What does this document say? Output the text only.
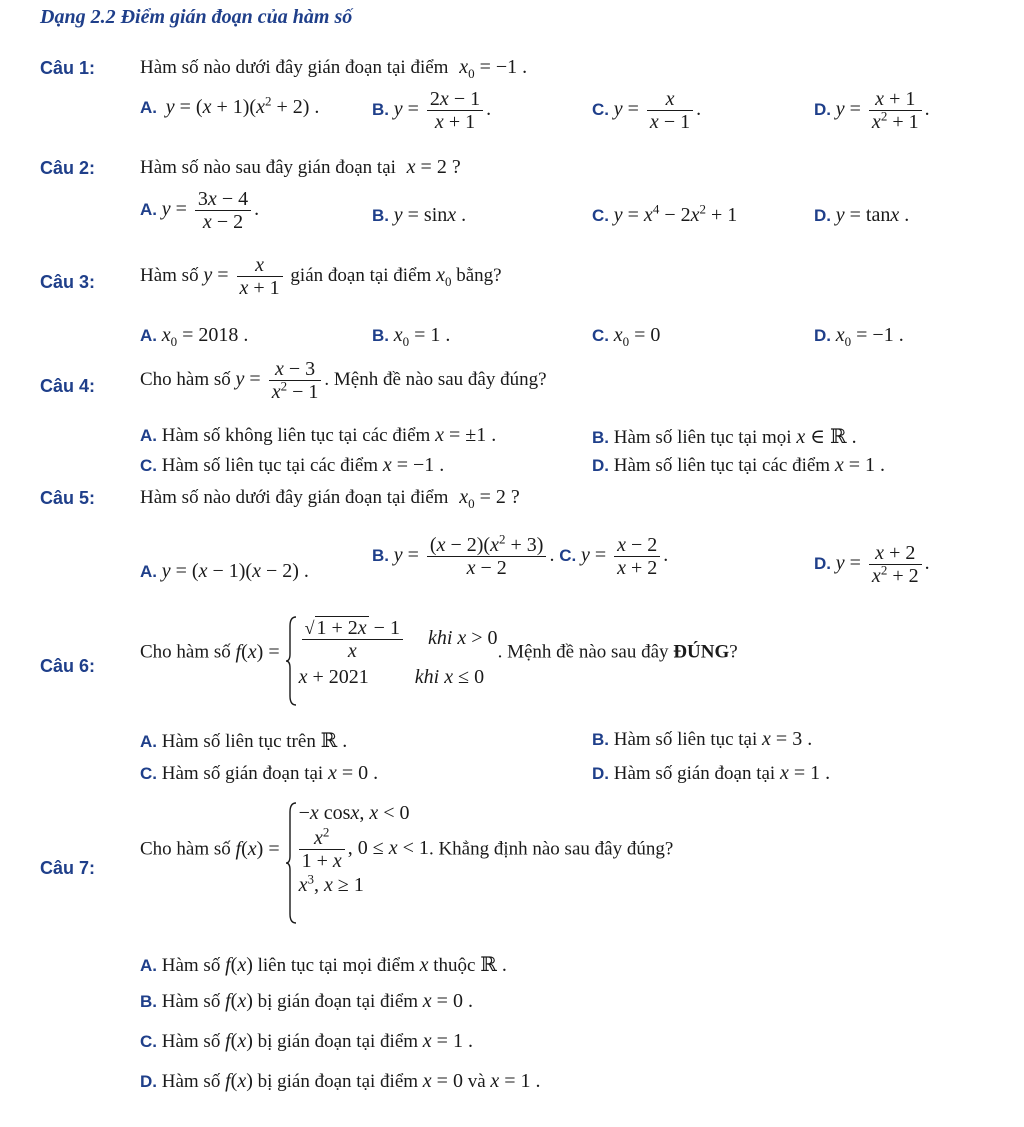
Dạng 2.2 Điểm gián đoạn của hàm số
Câu 1: Hàm số nào dưới đây gián đoạn tại điểm $x_0 = -1$ .
A. $y = (x + 1)(x^2 + 2)$ .	B. $y = \frac{2x - 1}{x + 1}$ .	C. $y = \frac{x}{x - 1}$ .	D. $y = \frac{x + 1}{x^2 + 1}$ .
Câu 2: Hàm số nào sau đây gián đoạn tại x = 2 ?
A. $y = \frac{3x - 4}{x - 2}$ .	B. y = sinx .	C. $y = x^4 - 2x^2 + 1$	D. y = tanx .
Câu 3: Hàm số $y = \frac{x}{x + 1}$ gián đoạn tại điểm $x_0$ bằng?
A. $x_0 = 2018$ .	B. $x_0 = 1$ .	C. $x_0 = 0$	D. $x_0 = -1$ .
Câu 4: Cho hàm số $y = \frac{x - 3}{x^2 - 1}$ . Mệnh đề nào sau đây đúng?
A. Hàm số không liên tục tại các điểm x = ±1 .	B. Hàm số liên tục tại mọi x ∈ ℝ .
C. Hàm số liên tục tại các điểm x = −1 .	D. Hàm số liên tục tại các điểm x = 1 .
Câu 5: Hàm số nào dưới đây gián đoạn tại điểm $x_0 = 2$ ?
A. y = (x − 1)(x − 2) .
B. $y = \frac{(x - 2)(x^2 + 3)}{x - 2}$ . C. $y = \frac{x - 2}{x + 2}$ .	D. $y = \frac{x + 2}{x^2 + 2}$ .
Câu 6:
Cho hàm số $f(x) = \frac{√ 1 + 2x - 1}{x}$ khi x > 0
x + 2021 khi x ≤ 0
. Mệnh đề nào sau đây ĐÚNG?
A. Hàm số liên tục trên ℝ .	B. Hàm số liên tục tại x = 3 .
C. Hàm số gián đoạn tại x = 0 .	D. Hàm số gián đoạn tại x = 1 .
Câu 7:
Cho hàm số f(x) =
−x cosx, x < 0
$\frac{x^2}{1 + x}$ , 0 ≤ x < 1
$x^3$, x ≥ 1
. Khẳng định nào sau đây đúng?
A. Hàm số f(x) liên tục tại mọi điểm x thuộc ℝ .
B. Hàm số f(x) bị gián đoạn tại điểm x = 0 .
C. Hàm số f(x) bị gián đoạn tại điểm x = 1 .
D. Hàm số f(x) bị gián đoạn tại điểm x = 0 và x = 1 .
